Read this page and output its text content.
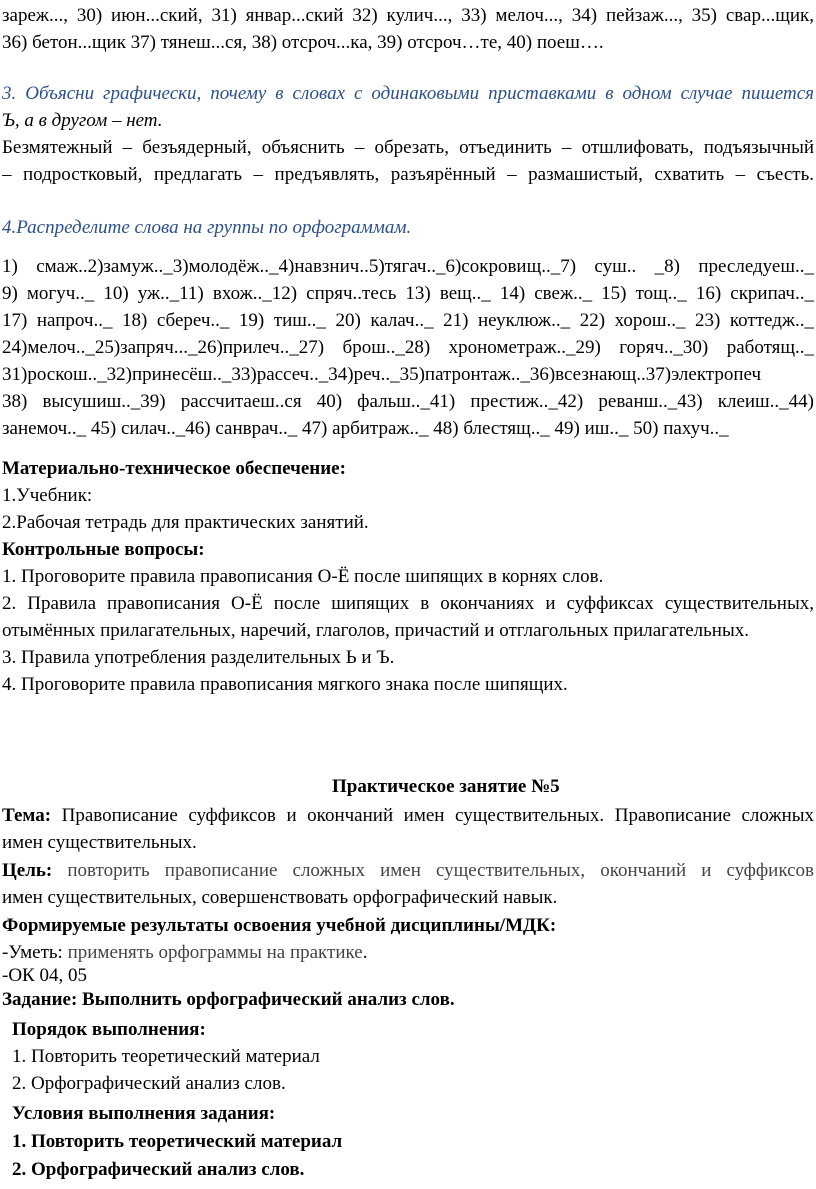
зареж..., 30) июн...ский, 31) январ...ский 32) кулич..., 33) мелоч..., 34) пейзаж..., 35) свар...щик,
36) бетон...щик 37) тянеш...ся, 38) отсроч...ка, 39) отсроч…те, 40) поеш….
3. Объясни графически, почему в словах с одинаковыми приставками в одном случае пишется
Ъ, а в другом – нет.
Безмятежный – безъядерный, объяснить – обрезать, отъединить – отшлифовать, подъязычный
– подростковый, предлагать – предъявлять, разъярённый – размашистый, схватить – съесть.
4.Распределите слова на группы по орфограммам.
1) смаж..2)замуж.._3)молодёж.._4)навзнич..5)тягач.._6)сокровищ.._7) суш.. _8) преследуеш.._
9) могуч.._ 10) уж.._11) вхож.._12) спряч..тесь 13) вещ.._ 14) свеж.._ 15) тощ.._ 16) скрипач.._
17) напроч.._ 18) сбереч.._ 19) тиш.._ 20) калач.._ 21) неуклюж.._ 22) хорош.._ 23) коттедж.._
24)мелоч.._25)запряч..._26)прилеч.._27) брош.._28) хронометраж.._29) горяч.._30) работящ.._
31)роскош.._32)принесёш.._33)рассеч.._34)реч.._35)патронтаж.._36)всезнающ..37)электропеч
38) высушиш.._39) рассчитаеш..ся 40) фальш.._41) престиж.._42) реванш.._43) клеиш.._44)
занемоч.._ 45) силач.._46) санврач.._ 47) арбитраж.._ 48) блестящ.._ 49) иш.._ 50) пахуч.._
Материально-техническое обеспечение:
1.Учебник:
2.Рабочая тетрадь для практических занятий.
Контрольные вопросы:
1. Проговорите правила правописания О-Ё после шипящих в корнях слов.
2. Правила правописания О-Ё после шипящих в окончаниях и суффиксах существительных,
отымённых прилагательных, наречий, глаголов, причастий и отглагольных прилагательных.
3. Правила употребления разделительных Ь и Ъ.
4. Проговорите правила правописания мягкого знака после шипящих.
Практическое занятие №5
Тема: Правописание суффиксов и окончаний имен существительных. Правописание сложных
имен существительных.
Цель: повторить правописание сложных имен существительных, окончаний и суффиксов
имен существительных, совершенствовать орфографический навык.
Формируемые результаты освоения учебной дисциплины/МДК:
-Уметь: применять орфограммы на практике.
-ОК 04, 05
Задание: Выполнить орфографический анализ слов.
Порядок выполнения:
1. Повторить теоретический материал
2. Орфографический анализ слов.
Условия выполнения задания:
1. Повторить теоретический материал
2. Орфографический анализ слов.
